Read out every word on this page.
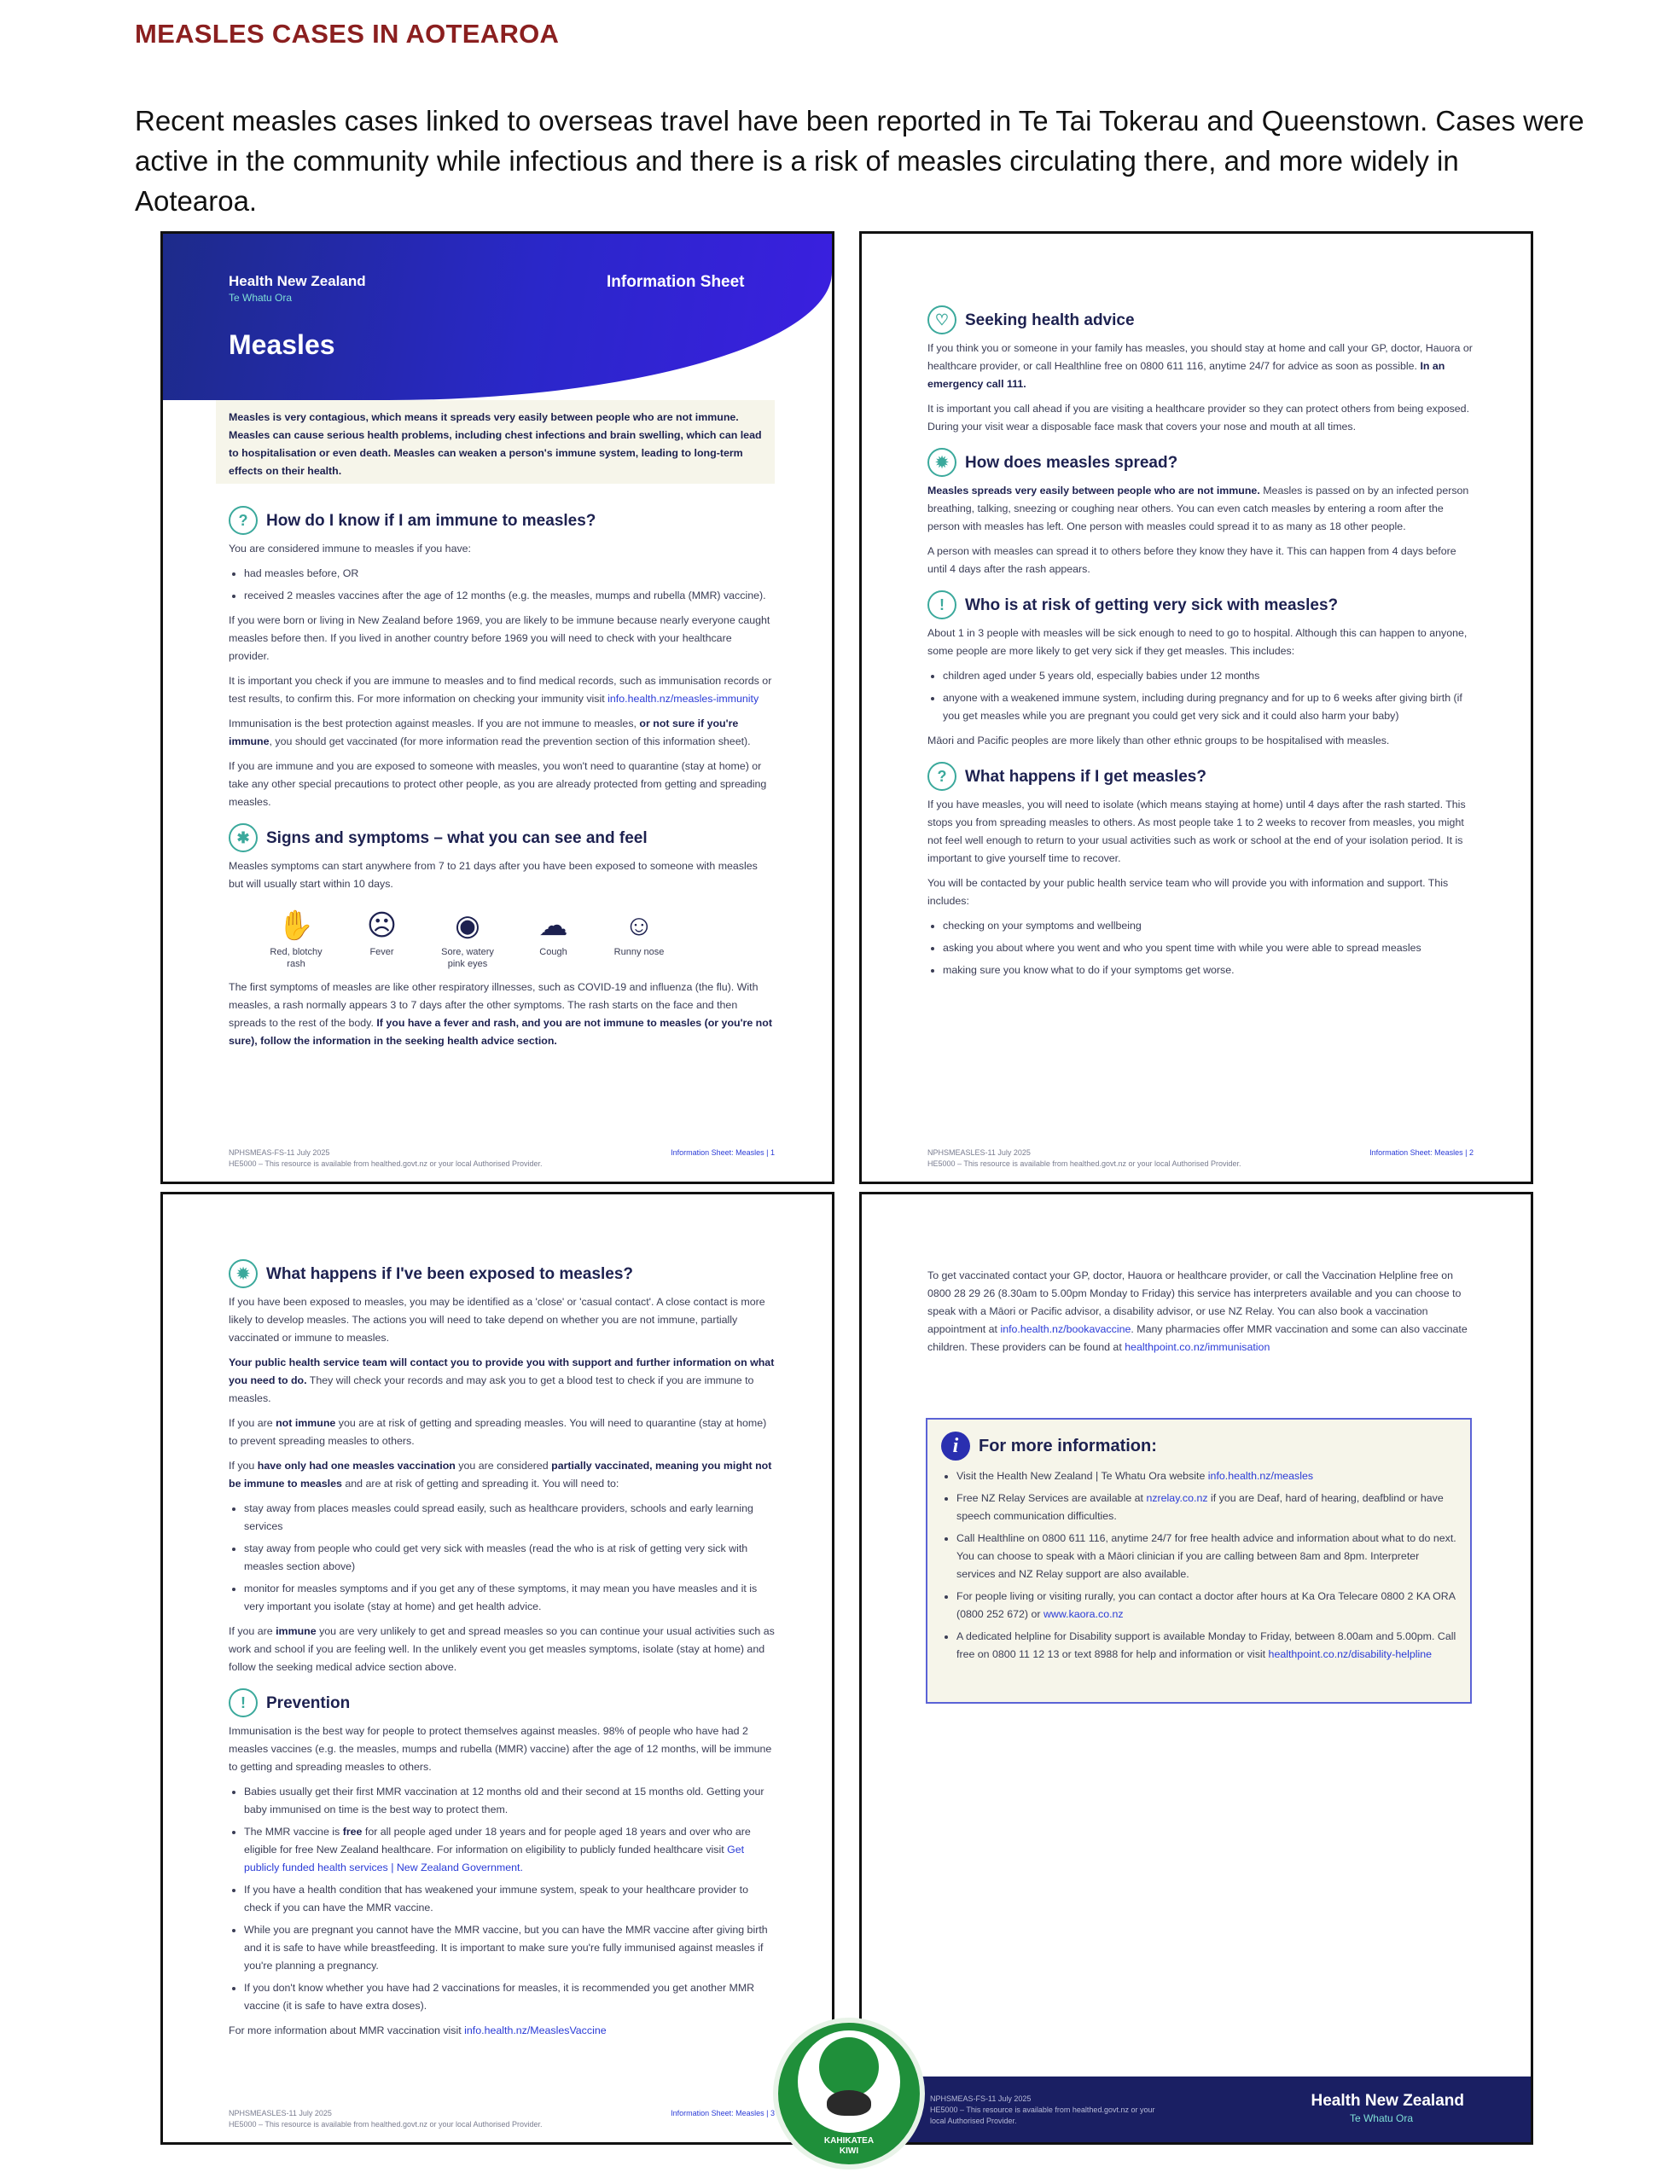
MEASLES CASES IN AOTEAROA
Recent measles cases linked to overseas travel have been reported in Te Tai Tokerau and Queenstown. Cases were active in the community while infectious and there is a risk of measles circulating there, and more widely in Aotearoa.
Health New Zealand
Te Whatu Ora
Information Sheet
Measles
Measles is very contagious, which means it spreads very easily between people who are not immune. Measles can cause serious health problems, including chest infections and brain swelling, which can lead to hospitalisation or even death. Measles can weaken a person's immune system, leading to long-term effects on their health.
?	How do I know if I am immune to measles?

You are considered immune to measles if you have:

• had measles before, OR
• received 2 measles vaccines after the age of 12 months (e.g. the measles, mumps and rubella (MMR) vaccine).

If you were born or living in New Zealand before 1969, you are likely to be immune because nearly everyone caught measles before then. If you lived in another country before 1969 you will need to check with your healthcare provider.

It is important you check if you are immune to measles and to find medical records, such as immunisation records or test results, to confirm this. For more information on checking your immunity visit info.health.nz/measles-immunity

Immunisation is the best protection against measles. If you are not immune to measles, or not sure if you're immune, you should get vaccinated (for more information read the prevention section of this information sheet).

If you are immune and you are exposed to someone with measles, you won't need to quarantine (stay at home) or take any other special precautions to protect other people, as you are already protected from getting and spreading measles.

✱	Signs and symptoms – what you can see and feel

Measles symptoms can start anywhere from 7 to 21 days after you have been exposed to someone with measles but will usually start within 10 days.

✋
Red, blotchy rash
☹
Fever
◉
Sore, watery pink eyes
☁
Cough
☺
Runny nose

The first symptoms of measles are like other respiratory illnesses, such as COVID-19 and influenza (the flu). With measles, a rash normally appears 3 to 7 days after the other symptoms. The rash starts on the face and then spreads to the rest of the body. If you have a fever and rash, and you are not immune to measles (or you're not sure), follow the information in the seeking health advice section.

NPHSMEAS-FS-11 July 2025
HE5000 – This resource is available from healthed.govt.nz or your local Authorised Provider.
Information Sheet: Measles | 1
♡ Seeking health advice

If you think you or someone in your family has measles, you should stay at home and call your GP, doctor, Hauora or healthcare provider, or call Healthline free on 0800 611 116, anytime 24/7 for advice as soon as possible. In an emergency call 111.

It is important you call ahead if you are visiting a healthcare provider so they can protect others from being exposed. During your visit wear a disposable face mask that covers your nose and mouth at all times.

✹	How does measles spread?

Measles spreads very easily between people who are not immune. Measles is passed on by an infected person breathing, talking, sneezing or coughing near others. You can even catch measles by entering a room after the person with measles has left. One person with measles could spread it to as many as 18 other people.

A person with measles can spread it to others before they know they have it. This can happen from 4 days before until 4 days after the rash appears.

!	Who is at risk of getting very sick with measles?

About 1 in 3 people with measles will be sick enough to need to go to hospital. Although this can happen to anyone, some people are more likely to get very sick if they get measles. This includes:

• children aged under 5 years old, especially babies under 12 months
• anyone with a weakened immune system, including during pregnancy and for up to 6 weeks after giving birth (if you get measles while you are pregnant you could get very sick and it could also harm your baby)

Māori and Pacific peoples are more likely than other ethnic groups to be hospitalised with measles.

?	What happens if I get measles?

If you have measles, you will need to isolate (which means staying at home) until 4 days after the rash started. This stops you from spreading measles to others. As most people take 1 to 2 weeks to recover from measles, you might not feel well enough to return to your usual activities such as work or school at the end of your isolation period. It is important to give yourself time to recover.

You will be contacted by your public health service team who will provide you with information and support. This includes:

• checking on your symptoms and wellbeing
• asking you about where you went and who you spent time with while you were able to spread measles
• making sure you know what to do if your symptoms get worse.
NPHSMEASLES-11 July 2025
HE5000 – This resource is available from healthed.govt.nz or your local Authorised Provider.
Information Sheet: Measles | 2
✹	What happens if I've been exposed to measles?

If you have been exposed to measles, you may be identified as a 'close' or 'casual contact'. A close contact is more likely to develop measles. The actions you will need to take depend on whether you are not immune, partially vaccinated or immune to measles.

Your public health service team will contact you to provide you with support and further information on what you need to do. They will check your records and may ask you to get a blood test to check if you are immune to measles.

If you are not immune you are at risk of getting and spreading measles. You will need to quarantine (stay at home) to prevent spreading measles to others.

If you have only had one measles vaccination you are considered partially vaccinated, meaning you might not be immune to measles and are at risk of getting and spreading it. You will need to:

• stay away from places measles could spread easily, such as healthcare providers, schools and early learning services
• stay away from people who could get very sick with measles (read the who is at risk of getting very sick with measles section above)
• monitor for measles symptoms and if you get any of these symptoms, it may mean you have measles and it is very important you isolate (stay at home) and get health advice.

If you are immune you are very unlikely to get and spread measles so you can continue your usual activities such as work and school if you are feeling well. In the unlikely event you get measles symptoms, isolate (stay at home) and follow the seeking medical advice section above.

!	Prevention

Immunisation is the best way for people to protect themselves against measles. 98% of people who have had 2 measles vaccines (e.g. the measles, mumps and rubella (MMR) vaccine) after the age of 12 months, will be immune to getting and spreading measles to others.

• Babies usually get their first MMR vaccination at 12 months old and their second at 15 months old. Getting your baby immunised on time is the best way to protect them.
• The MMR vaccine is free for all people aged under 18 years and for people aged 18 years and over who are eligible for free New Zealand healthcare. For information on eligibility to publicly funded healthcare visit Get publicly funded health services | New Zealand Government.
• If you have a health condition that has weakened your immune system, speak to your healthcare provider to check if you can have the MMR vaccine.
• While you are pregnant you cannot have the MMR vaccine, but you can have the MMR vaccine after giving birth and it is safe to have while breastfeeding. It is important to make sure you're fully immunised against measles if you're planning a pregnancy.
• If you don't know whether you have had 2 vaccinations for measles, it is recommended you get another MMR vaccine (it is safe to have extra doses).

For more information about MMR vaccination visit info.health.nz/MeaslesVaccine

NPHSMEASLES-11 July 2025
HE5000 – This resource is available from healthed.govt.nz or your local Authorised Provider.
Information Sheet: Measles | 3

To get vaccinated contact your GP, doctor, Hauora or healthcare provider, or call the Vaccination Helpline free on 0800 28 29 26 (8.30am to 5.00pm Monday to Friday) this service has interpreters available and you can choose to speak with a Māori or Pacific advisor, a disability advisor, or use NZ Relay. You can also book a vaccination appointment at info.health.nz/bookavaccine. Many pharmacies offer MMR vaccination and some can also vaccinate children. These providers can be found at healthpoint.co.nz/immunisation

i	For more information:
• Visit the Health New Zealand | Te Whatu Ora website info.health.nz/measles
• Free NZ Relay Services are available at nzrelay.co.nz if you are Deaf, hard of hearing, deafblind or have speech communication difficulties.
• Call Healthline on 0800 611 116, anytime 24/7 for free health advice and information about what to do next. You can choose to speak with a Māori clinician if you are calling between 8am and 8pm. Interpreter services and NZ Relay support are also available.
• For people living or visiting rurally, you can contact a doctor after hours at Ka Ora Telecare 0800 2 KA ORA (0800 252 672) or www.kaora.co.nz
• A dedicated helpline for Disability support is available Monday to Friday, between 8.00am and 5.00pm. Call free on 0800 11 12 13 or text 8988 for help and information or visit healthpoint.co.nz/disability-helpline
NPHSMEAS-FS-11 July 2025
HE5000 – This resource is available from healthed.govt.nz or your local Authorised Provider.
Health New Zealand
Te Whatu Ora
KAHIKATEA
KIWI
